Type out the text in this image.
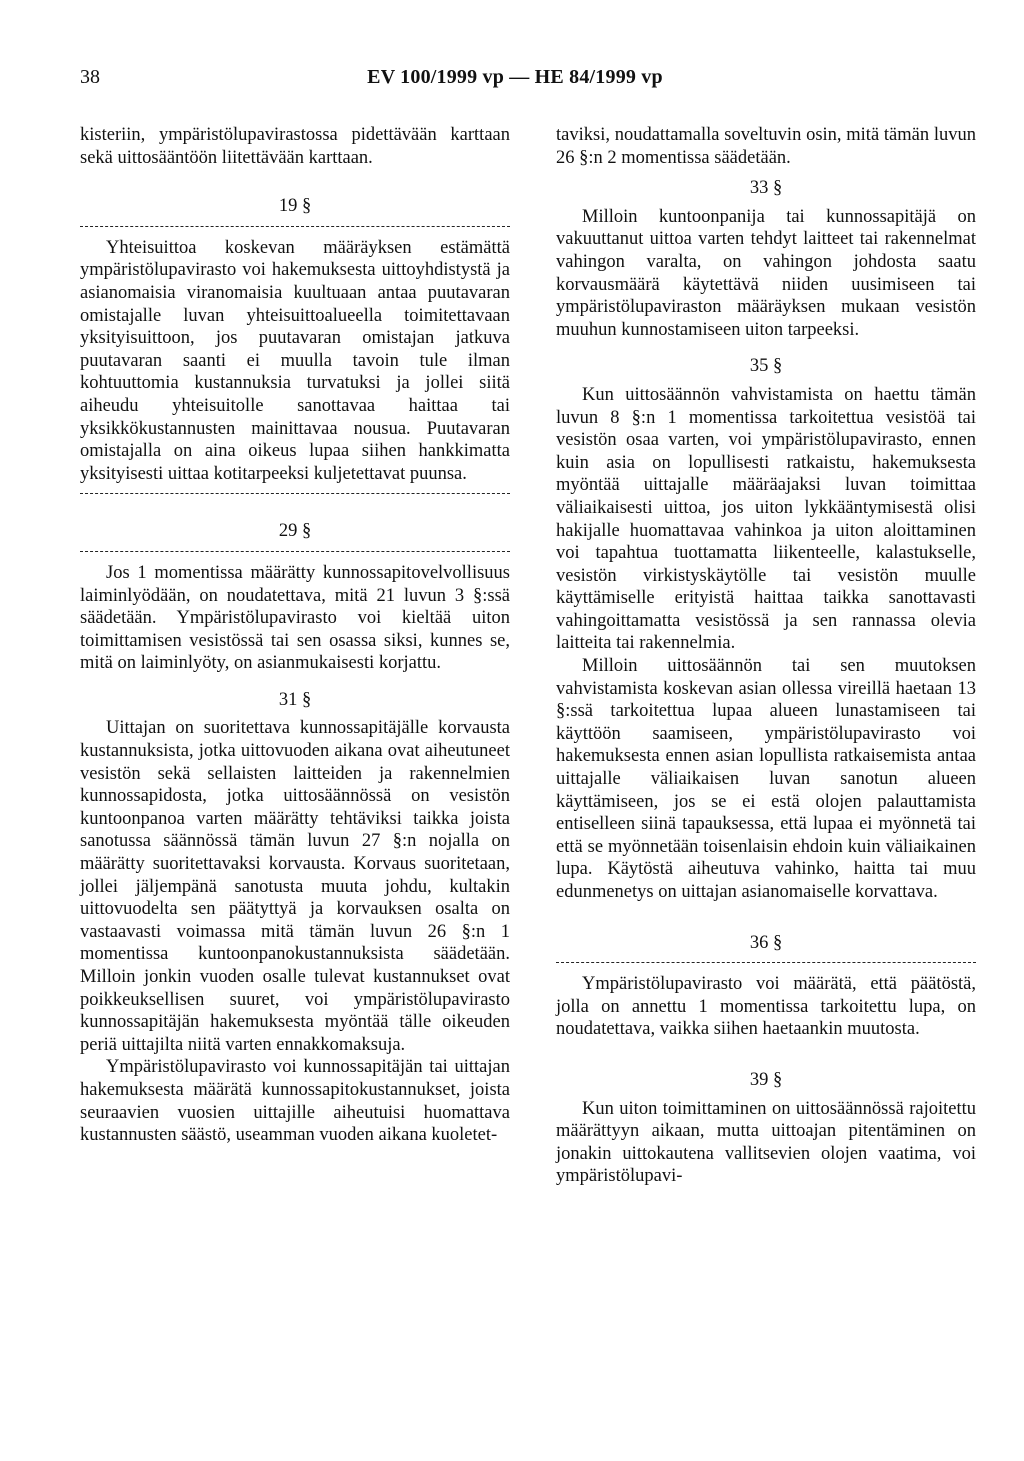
38	EV 100/1999 vp — HE 84/1999 vp

kisteriin, ympäristölupavirastossa pidettävään karttaan sekä uittosääntöön liitettävään karttaan.

19 §

Yhteisuittoa koskevan määräyksen estämättä ympäristölupavirasto voi hakemuksesta uittoyhdistystä ja asianomaisia viranomaisia kuultuaan antaa puutavaran omistajalle luvan yhteisuittoalueella toimitettavaan yksityisuittoon, jos puutavaran omistajan jatkuva puutavaran saanti ei muulla tavoin tule ilman kohtuuttomia kustannuksia turvatuksi ja jollei siitä aiheudu yhteisuitolle sanottavaa haittaa tai yksikkökustannusten mainittavaa nousua. Puutavaran omistajalla on aina oikeus lupaa siihen hankkimatta yksityisesti uittaa kotitarpeeksi kuljetettavat puunsa.

29 §

Jos 1 momentissa määrätty kunnossapitovelvollisuus laiminlyödään, on noudatettava, mitä 21 luvun 3 §:ssä säädetään. Ympäristölupavirasto voi kieltää uiton toimittamisen vesistössä tai sen osassa siksi, kunnes se, mitä on laiminlyöty, on asianmukaisesti korjattu.

31 §

Uittajan on suoritettava kunnossapitäjälle korvausta kustannuksista, jotka uittovuoden aikana ovat aiheutuneet vesistön sekä sellaisten laitteiden ja rakennelmien kunnossapidosta, jotka uittosäännössä on vesistön kuntoonpanoa varten määrätty tehtäviksi taikka joista sanotussa säännössä tämän luvun 27 §:n nojalla on määrätty suoritettavaksi korvausta. Korvaus suoritetaan, jollei jäljempänä sanotusta muuta johdu, kultakin uittovuodelta sen päätyttyä ja korvauksen osalta on vastaavasti voimassa mitä tämän luvun 26 §:n 1 momentissa kuntoonpanokustannuksista säädetään. Milloin jonkin vuoden osalle tulevat kustannukset ovat poikkeuksellisen suuret, voi ympäristölupavirasto kunnossapitäjän hakemuksesta myöntää tälle oikeuden periä uittajilta niitä varten ennakkomaksuja.

Ympäristölupavirasto voi kunnossapitäjän tai uittajan hakemuksesta määrätä kunnossapitokustannukset, joista seuraavien vuosien uittajille aiheutuisi huomattava kustannusten säästö, useamman vuoden aikana kuoletet-

taviksi, noudattamalla soveltuvin osin, mitä tämän luvun 26 §:n 2 momentissa säädetään.

33 §

Milloin kuntoonpanija tai kunnossapitäjä on vakuuttanut uittoa varten tehdyt laitteet tai rakennelmat vahingon varalta, on vahingon johdosta saatu korvausmäärä käytettävä niiden uusimiseen tai ympäristölupaviraston määräyksen mukaan vesistön muuhun kunnostamiseen uiton tarpeeksi.

35 §

Kun uittosäännön vahvistamista on haettu tämän luvun 8 §:n 1 momentissa tarkoitettua vesistöä tai vesistön osaa varten, voi ympäristölupavirasto, ennen kuin asia on lopullisesti ratkaistu, hakemuksesta myöntää uittajalle määräajaksi luvan toimittaa väliaikaisesti uittoa, jos uiton lykkääntymisestä olisi hakijalle huomattavaa vahinkoa ja uiton aloittaminen voi tapahtua tuottamatta liikenteelle, kalastukselle, vesistön virkistyskäytölle tai vesistön muulle käyttämiselle erityistä haittaa taikka sanottavasti vahingoittamatta vesistössä ja sen rannassa olevia laitteita tai rakennelmia.

Milloin uittosäännön tai sen muutoksen vahvistamista koskevan asian ollessa vireillä haetaan 13 §:ssä tarkoitettua lupaa alueen lunastamiseen tai käyttöön saamiseen, ympäristölupavirasto voi hakemuksesta ennen asian lopullista ratkaisemista antaa uittajalle väliaikaisen luvan sanotun alueen käyttämiseen, jos se ei estä olojen palauttamista entiselleen siinä tapauksessa, että lupaa ei myönnetä tai että se myönnetään toisenlaisin ehdoin kuin väliaikainen lupa. Käytöstä aiheutuva vahinko, haitta tai muu edunmenetys on uittajan asianomaiselle korvattava.

36 §

Ympäristölupavirasto voi määrätä, että päätöstä, jolla on annettu 1 momentissa tarkoitettu lupa, on noudatettava, vaikka siihen haetaankin muutosta.

39 §

Kun uiton toimittaminen on uittosäännössä rajoitettu määrättyyn aikaan, mutta uittoajan pitentäminen on jonakin uittokautena vallitsevien olojen vaatima, voi ympäristölupavi-
